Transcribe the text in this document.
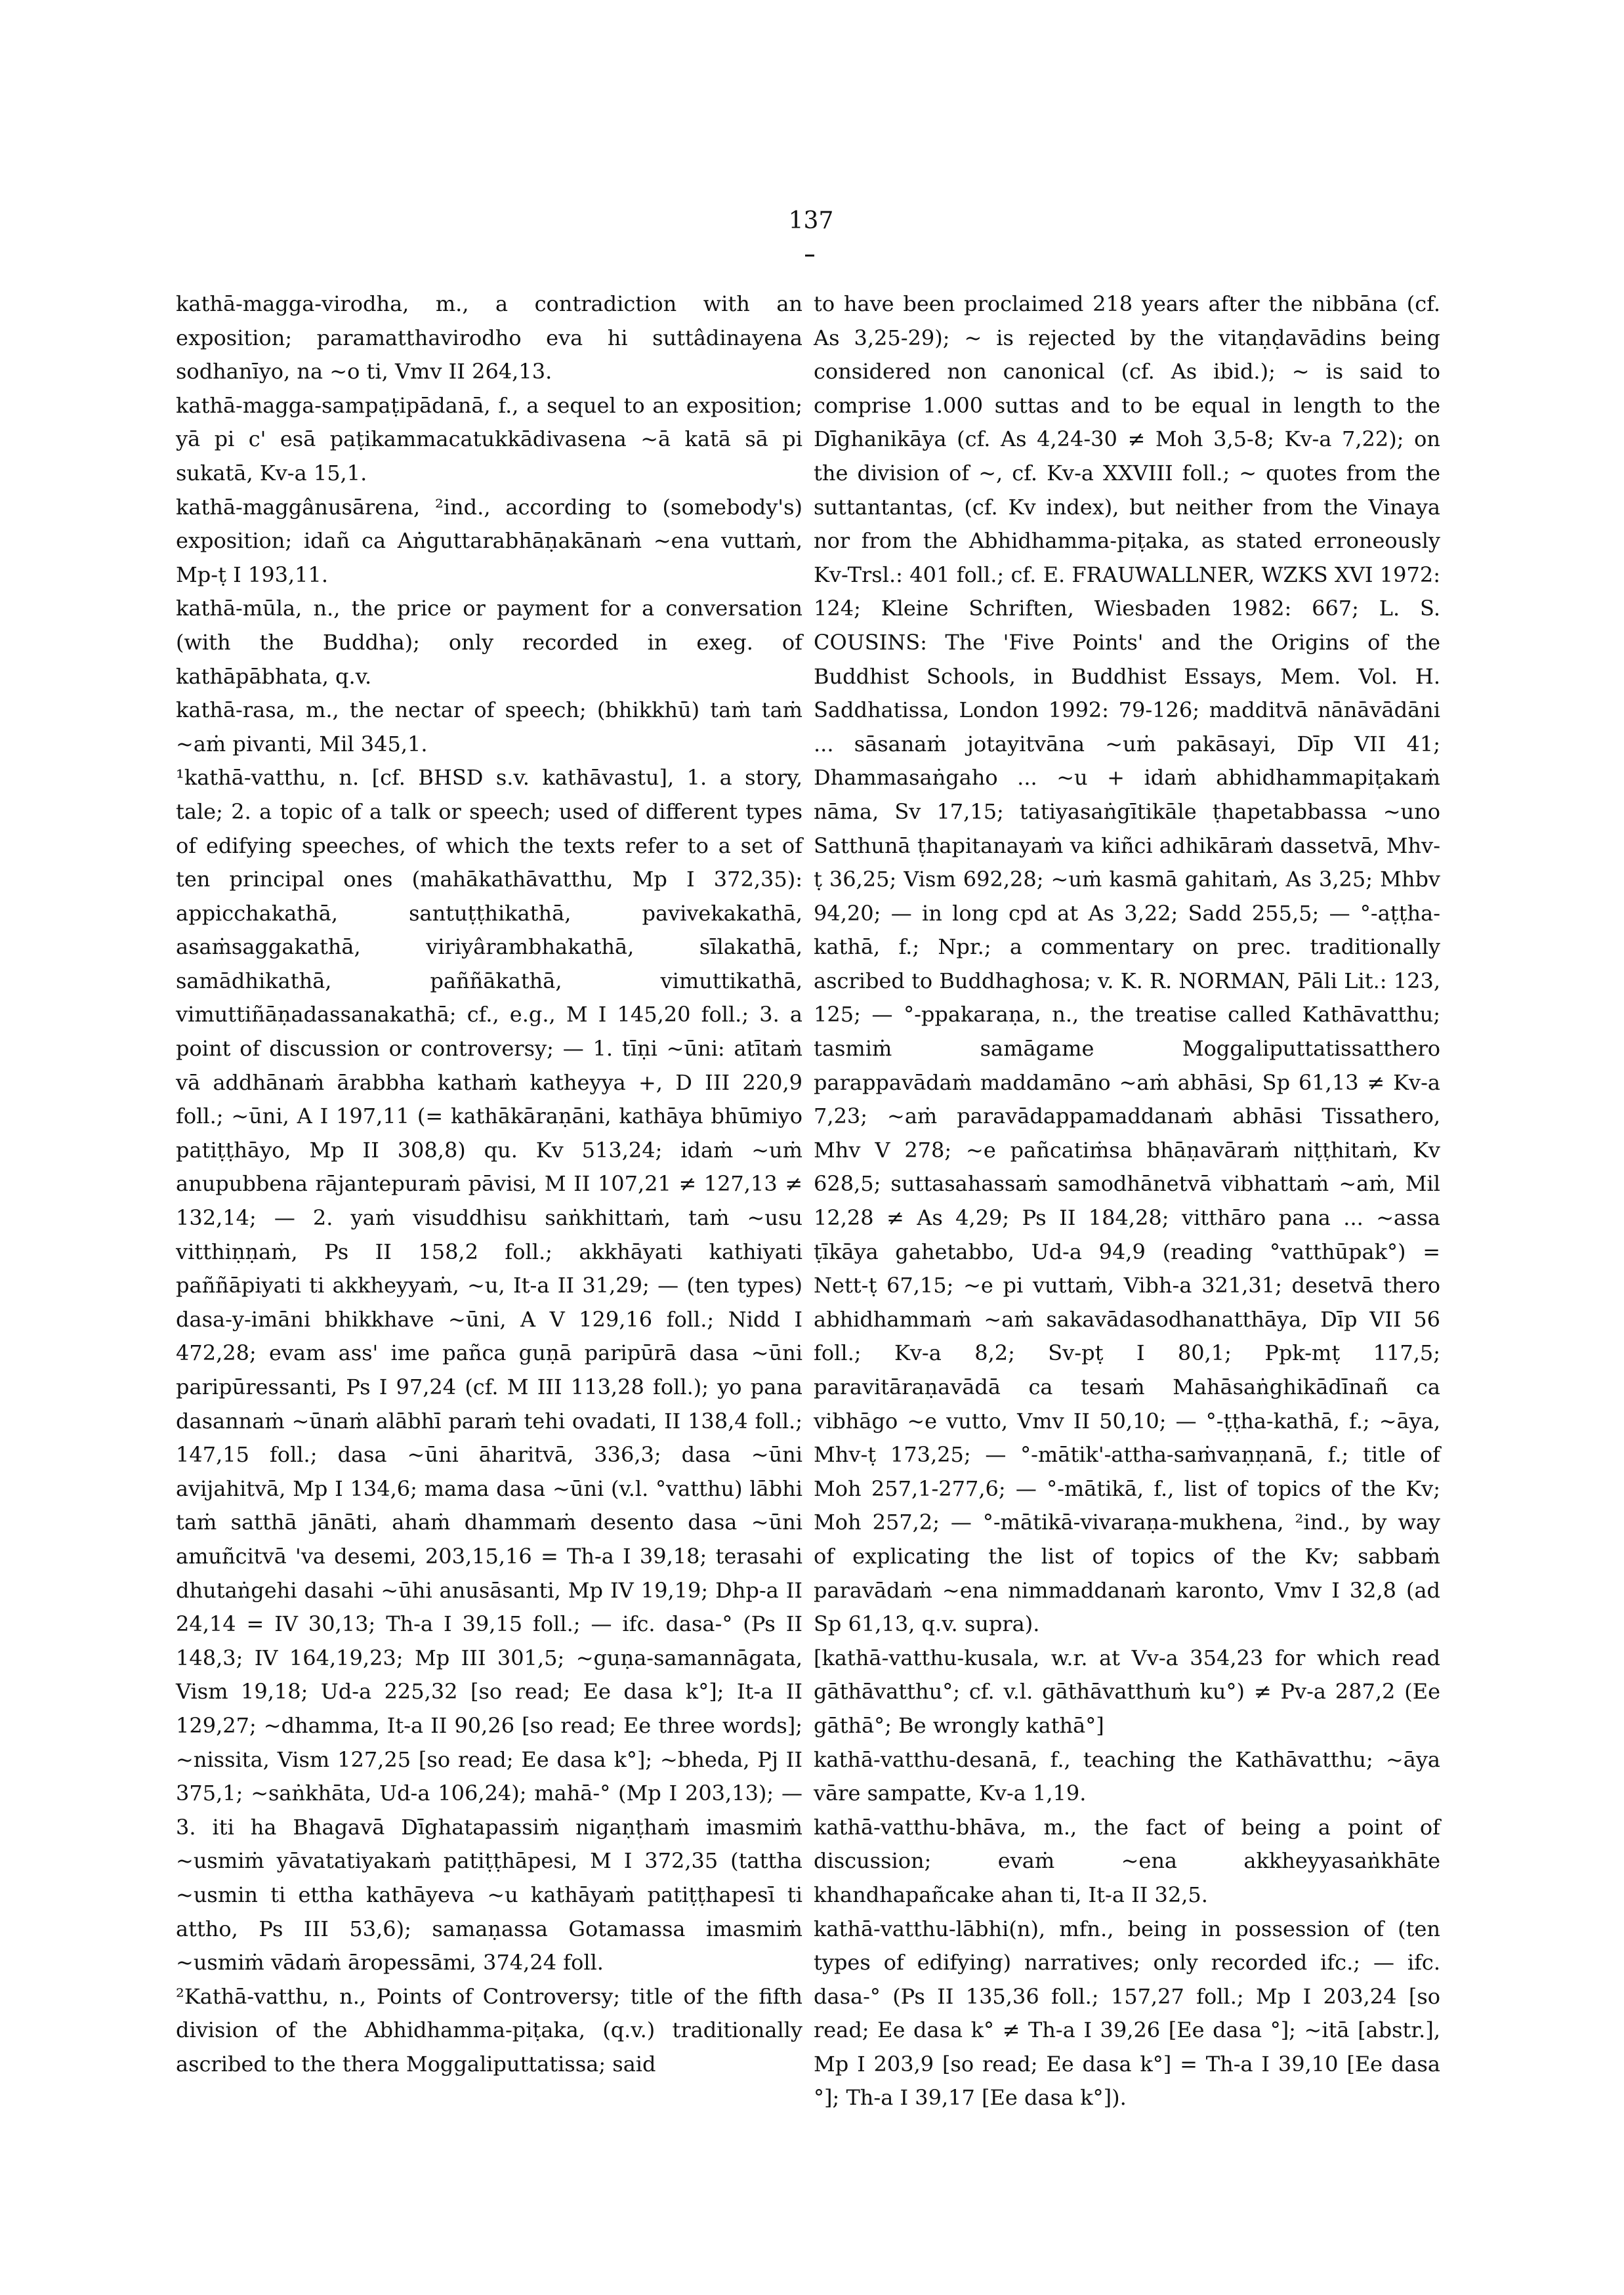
137

kathā-magga-virodha, m., a contradiction with an exposition; paramatthavirodho eva hi suttâdinayena sodhanīyo, na ~o ti, Vmv II 264,13.

kathā-magga-sampaṭipādanā, f., a sequel to an exposition; yā pi c' esā paṭikammacatukkādivasena ~ā katā sā pi sukatā, Kv-a 15,1.

kathā-maggânusārena, ²ind., according to (somebody's) exposition; idañ ca Aṅguttarabhāṇakānaṁ ~ena vuttaṁ, Mp-ṭ I 193,11.

kathā-mūla, n., the price or payment for a conversation (with the Buddha); only recorded in exeg. of kathāpābhata, q.v.

kathā-rasa, m., the nectar of speech; (bhikkhū) taṁ taṁ ~aṁ pivanti, Mil 345,1.

¹kathā-vatthu, n. [cf. BHSD s.v. kathāvastu], 1. a story, tale; 2. a topic of a talk or speech; used of different types of edifying speeches, of which the texts refer to a set of ten principal ones (mahākathāvatthu, Mp I 372,35): appicchakathā, santuṭṭhikathā, pavivekakathā, asaṁsaggakathā, viriyârambhakathā, sīlakathā, samādhikathā, paññākathā, vimuttikathā, vimuttiñāṇadassanakathā; cf., e.g., M I 145,20 foll.; 3. a point of discussion or controversy; — 1. tīṇi ~ūni: atītaṁ vā addhānaṁ ārabbha kathaṁ katheyya +, D III 220,9 foll.; ~ūni, A I 197,11 (= kathākāraṇāni, kathāya bhūmiyo patiṭṭhāyo, Mp II 308,8) qu. Kv 513,24; idaṁ ~uṁ anupubbena rājantepuraṁ pāvisi, M II 107,21 ≠ 127,13 ≠ 132,14; — 2. yaṁ visuddhisu saṅkhittaṁ, taṁ ~usu vitthiṇṇaṁ, Ps II 158,2 foll.; akkhāyati kathiyati paññāpiyati ti akkheyyaṁ, ~u, It-a II 31,29; — (ten types) dasa-y-imāni bhikkhave ~ūni, A V 129,16 foll.; Nidd I 472,28; evam ass' ime pañca guṇā paripūrā dasa ~ūni paripūressanti, Ps I 97,24 (cf. M III 113,28 foll.); yo pana dasannaṁ ~ūnaṁ alābhī paraṁ tehi ovadati, II 138,4 foll.; 147,15 foll.; dasa ~ūni āharitvā, 336,3; dasa ~ūni avijahitvā, Mp I 134,6; mama dasa ~ūni (v.l. °vatthu) lābhi taṁ satthā jānāti, ahaṁ dhammaṁ desento dasa ~ūni amuñcitvā 'va desemi, 203,15,16 = Th-a I 39,18; terasahi dhutaṅgehi dasahi ~ūhi anusāsanti, Mp IV 19,19; Dhp-a II 24,14 = IV 30,13; Th-a I 39,15 foll.; — ifc. dasa-° (Ps II 148,3; IV 164,19,23; Mp III 301,5; ~guṇa-samannāgata, Vism 19,18; Ud-a 225,32 [so read; Ee dasa k°]; It-a II 129,27; ~dhamma, It-a II 90,26 [so read; Ee three words]; ~nissita, Vism 127,25 [so read; Ee dasa k°]; ~bheda, Pj II 375,1; ~saṅkhāta, Ud-a 106,24); mahā-° (Mp I 203,13); — 3. iti ha Bhagavā Dīghatapassiṁ nigaṇṭhaṁ imasmiṁ ~usmiṁ yāvatatiyakaṁ patiṭṭhāpesi, M I 372,35 (tattha ~usmin ti ettha kathāyeva ~u kathāyaṁ patiṭṭhapesī ti attho, Ps III 53,6); samaṇassa Gotamassa imasmiṁ ~usmiṁ vādaṁ āropessāmi, 374,24 foll.

²Kathā-vatthu, n., Points of Controversy; title of the fifth division of the Abhidhamma-piṭaka, (q.v.) traditionally ascribed to the thera Moggaliputtatissa; said

to have been proclaimed 218 years after the nibbāna (cf. As 3,25-29); ~ is rejected by the vitaṇḍavādins being considered non canonical (cf. As ibid.); ~ is said to comprise 1.000 suttas and to be equal in length to the Dīghanikāya (cf. As 4,24-30 ≠ Moh 3,5-8; Kv-a 7,22); on the division of ~, cf. Kv-a XXVIII foll.; ~ quotes from the suttantantas, (cf. Kv index), but neither from the Vinaya nor from the Abhidhamma-piṭaka, as stated erroneously Kv-Trsl.: 401 foll.; cf. E. FRAUWALLNER, WZKS XVI 1972: 124; Kleine Schriften, Wiesbaden 1982: 667; L. S. COUSINS: The 'Five Points' and the Origins of the Buddhist Schools, in Buddhist Essays, Mem. Vol. H. Saddhatissa, London 1992: 79-126; madditvā nānāvādāni ... sāsanaṁ jotayitvāna ~uṁ pakāsayi, Dīp VII 41; Dhammasaṅgaho ... ~u + idaṁ abhidhammapiṭakaṁ nāma, Sv 17,15; tatiyasaṅgītikāle ṭhapetabbassa ~uno Satthunā ṭhapitanayaṁ va kiñci adhikāraṁ dassetvā, Mhv-ṭ 36,25; Vism 692,28; ~uṁ kasmā gahitaṁ, As 3,25; Mhbv 94,20; — in long cpd at As 3,22; Sadd 255,5; — °-aṭṭha-kathā, f.; Npr.; a commentary on prec. traditionally ascribed to Buddhaghosa; v. K. R. NORMAN, Pāli Lit.: 123, 125; — °-ppakaraṇa, n., the treatise called Kathāvatthu; tasmiṁ samāgame Moggaliputtatissatthero parappavādaṁ maddamāno ~aṁ abhāsi, Sp 61,13 ≠ Kv-a 7,23; ~aṁ paravādappamaddanaṁ abhāsi Tissathero, Mhv V 278; ~e pañcatiṁsa bhāṇavāraṁ niṭṭhitaṁ, Kv 628,5; suttasahassaṁ samodhānetvā vibhattaṁ ~aṁ, Mil 12,28 ≠ As 4,29; Ps II 184,28; vitthāro pana ... ~assa ṭīkāya gahetabbo, Ud-a 94,9 (reading °vatthūpak°) = Nett-ṭ 67,15; ~e pi vuttaṁ, Vibh-a 321,31; desetvā thero abhidhammaṁ ~aṁ sakavādasodhanatthāya, Dīp VII 56 foll.; Kv-a 8,2; Sv-pṭ I 80,1; Ppk-mṭ 117,5; paravitāraṇavādā ca tesaṁ Mahāsaṅghikādīnañ ca vibhāgo ~e vutto, Vmv II 50,10; — °-ṭṭha-kathā, f.; ~āya, Mhv-ṭ 173,25; — °-mātik'-attha-saṁvaṇṇanā, f.; title of Moh 257,1-277,6; — °-mātikā, f., list of topics of the Kv; Moh 257,2; — °-mātikā-vivaraṇa-mukhena, ²ind., by way of explicating the list of topics of the Kv; sabbaṁ paravādaṁ ~ena nimmaddanaṁ karonto, Vmv I 32,8 (ad Sp 61,13, q.v. supra).

[kathā-vatthu-kusala, w.r. at Vv-a 354,23 for which read gāthāvatthu°; cf. v.l. gāthāvatthuṁ ku°) ≠ Pv-a 287,2 (Ee gāthā°; Be wrongly kathā°]

kathā-vatthu-desanā, f., teaching the Kathāvatthu; ~āya vāre sampatte, Kv-a 1,19.

kathā-vatthu-bhāva, m., the fact of being a point of discussion; evaṁ ~ena akkheyyasaṅkhāte khandhapañcake ahan ti, It-a II 32,5.

kathā-vatthu-lābhi(n), mfn., being in possession of (ten types of edifying) narratives; only recorded ifc.; — ifc. dasa-° (Ps II 135,36 foll.; 157,27 foll.; Mp I 203,24 [so read; Ee dasa k° ≠ Th-a I 39,26 [Ee dasa °]; ~itā [abstr.], Mp I 203,9 [so read; Ee dasa k°] = Th-a I 39,10 [Ee dasa °]; Th-a I 39,17 [Ee dasa k°]).
